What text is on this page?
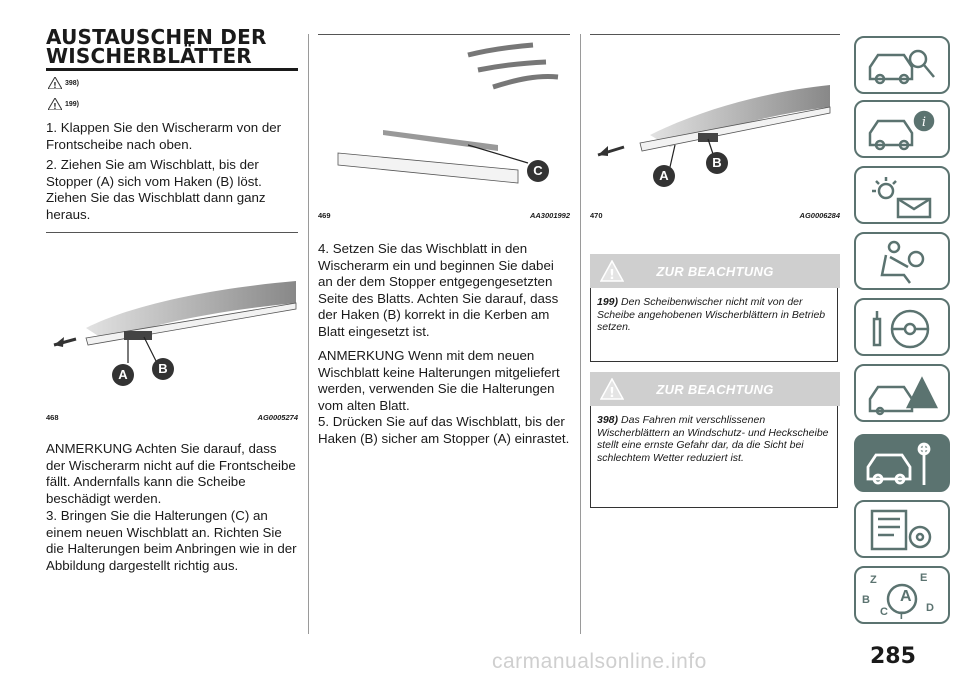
AUSTAUSCHEN DER WISCHERBLÄTTER
! 398)
! 199)

1. Klappen Sie den Wischerarm von der Frontscheibe nach oben.

2. Ziehen Sie am Wischblatt, bis der Stopper (A) sich vom Haken (B) löst. Ziehen Sie das Wischblatt dann ganz heraus.

A B
468	AG0005274

ANMERKUNG Achten Sie darauf, dass der Wischerarm nicht auf die Frontscheibe fällt. Andernfalls kann die Scheibe beschädigt werden.

3. Bringen Sie die Halterungen (C) an einem neuen Wischblatt an. Richten Sie die Halterungen beim Anbringen wie in der Abbildung dargestellt richtig aus.

C
469	AA3001992

4. Setzen Sie das Wischblatt in den Wischerarm ein und beginnen Sie dabei an der dem Stopper entgegengesetzten Seite des Blatts. Achten Sie darauf, dass der Haken (B) korrekt in die Kerben am Blatt eingesetzt ist.

ANMERKUNG Wenn mit dem neuen Wischblatt keine Halterungen mitgeliefert werden, verwenden Sie die Halterungen vom alten Blatt.

5. Drücken Sie auf das Wischblatt, bis der Haken (B) sicher am Stopper (A) einrastet.

A
B
470	AG0006284
!	ZUR BEACHTUNG
199) Den Scheibenwischer nicht mit von der Scheibe angehobenen Wischerblättern in Betrieb setzen.
!	ZUR BEACHTUNG
398) Das Fahren mit verschlissenen Wischerblättern an Windschutz- und Heckscheibe stellt eine ernste Gefahr dar, da die Sicht bei schlechtem Wetter reduziert ist.
i
Z	E
A
B
C	D
T
285
carmanualsonline.info
